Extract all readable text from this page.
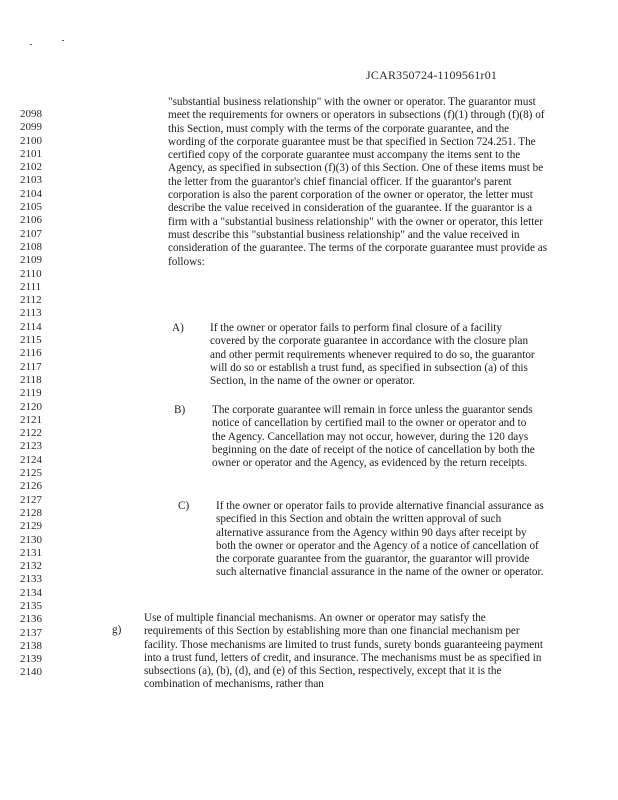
JCAR350724-1109561r01
2098
2099
2100
2101
2102
2103
2104
2105
2106
2107
2108
2109
2110
2111
2112
2113
2114
2115
2116
2117
2118
2119
2120
2121
2122
2123
2124
2125
2126
2127
2128
2129
2130
2131
2132
2133
2134
2135
2136
2137
2138
2139
2140

"substantial business relationship" with the owner or operator. The guarantor must meet the requirements for owners or operators in subsections (f)(1) through (f)(8) of this Section, must comply with the terms of the corporate guarantee, and the wording of the corporate guarantee must be that specified in Section 724.251. The certified copy of the corporate guarantee must accompany the items sent to the Agency, as specified in subsection (f)(3) of this Section. One of these items must be the letter from the guarantor's chief financial officer. If the guarantor's parent corporation is also the parent corporation of the owner or operator, the letter must describe the value received in consideration of the guarantee. If the guarantor is a firm with a "substantial business relationship" with the owner or operator, this letter must describe this "substantial business relationship" and the value received in consideration of the guarantee. The terms of the corporate guarantee must provide as follows:

A) If the owner or operator fails to perform final closure of a facility covered by the corporate guarantee in accordance with the closure plan and other permit requirements whenever required to do so, the guarantor will do so or establish a trust fund, as specified in subsection (a) of this Section, in the name of the owner or operator.

B) The corporate guarantee will remain in force unless the guarantor sends notice of cancellation by certified mail to the owner or operator and to the Agency. Cancellation may not occur, however, during the 120 days beginning on the date of receipt of the notice of cancellation by both the owner or operator and the Agency, as evidenced by the return receipts.

C) If the owner or operator fails to provide alternative financial assurance as specified in this Section and obtain the written approval of such alternative assurance from the Agency within 90 days after receipt by both the owner or operator and the Agency of a notice of cancellation of the corporate guarantee from the guarantor, the guarantor will provide such alternative financial assurance in the name of the owner or operator.

g)

Use of multiple financial mechanisms. An owner or operator may satisfy the requirements of this Section by establishing more than one financial mechanism per facility. Those mechanisms are limited to trust funds, surety bonds guaranteeing payment into a trust fund, letters of credit, and insurance. The mechanisms must be as specified in subsections (a), (b), (d), and (e) of this Section, respectively, except that it is the combination of mechanisms, rather than
